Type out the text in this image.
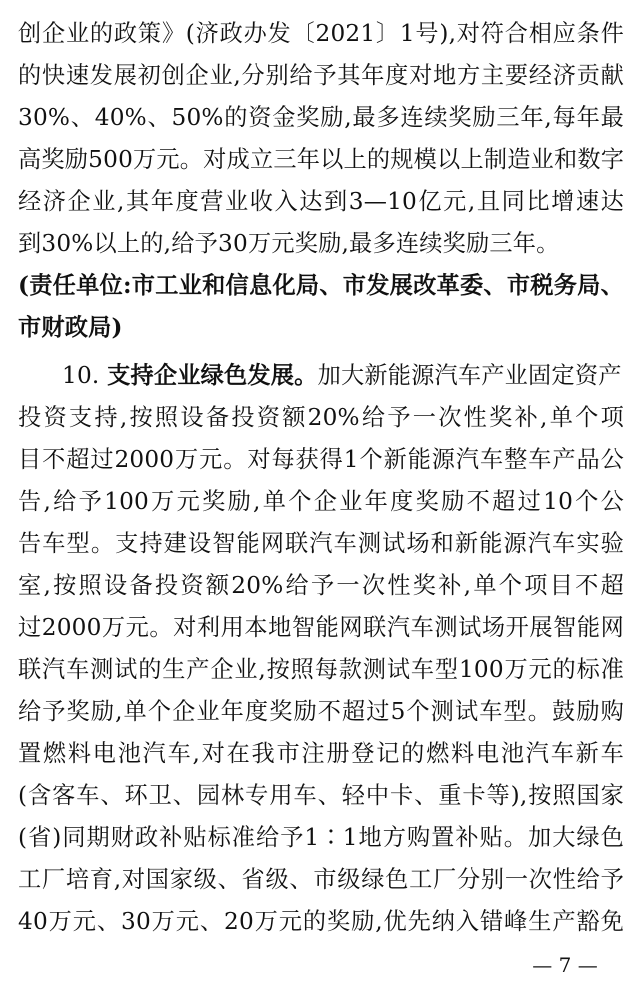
创企业的政策》(济政办发〔2021〕1号),对符合相应条件
的快速发展初创企业,分别给予其年度对地方主要经济贡献
30%、40%、50%的资金奖励,最多连续奖励三年,每年最
高奖励500万元。对成立三年以上的规模以上制造业和数字
经济企业,其年度营业收入达到3—10亿元,且同比增速达
到30%以上的,给予30万元奖励,最多连续奖励三年。
(责任单位:市工业和信息化局、市发展改革委、市税务局、
市财政局)
10. 支持企业绿色发展。加大新能源汽车产业固定资产
投资支持,按照设备投资额20%给予一次性奖补,单个项
目不超过2000万元。对每获得1个新能源汽车整车产品公
告,给予100万元奖励,单个企业年度奖励不超过10个公
告车型。支持建设智能网联汽车测试场和新能源汽车实验
室,按照设备投资额20%给予一次性奖补,单个项目不超
过2000万元。对利用本地智能网联汽车测试场开展智能网
联汽车测试的生产企业,按照每款测试车型100万元的标准
给予奖励,单个企业年度奖励不超过5个测试车型。鼓励购
置燃料电池汽车,对在我市注册登记的燃料电池汽车新车
(含客车、环卫、园林专用车、轻中卡、重卡等),按照国家
(省)同期财政补贴标准给予1∶1地方购置补贴。加大绿色
工厂培育,对国家级、省级、市级绿色工厂分别一次性给予
40万元、30万元、20万元的奖励,优先纳入错峰生产豁免
— 7 —
